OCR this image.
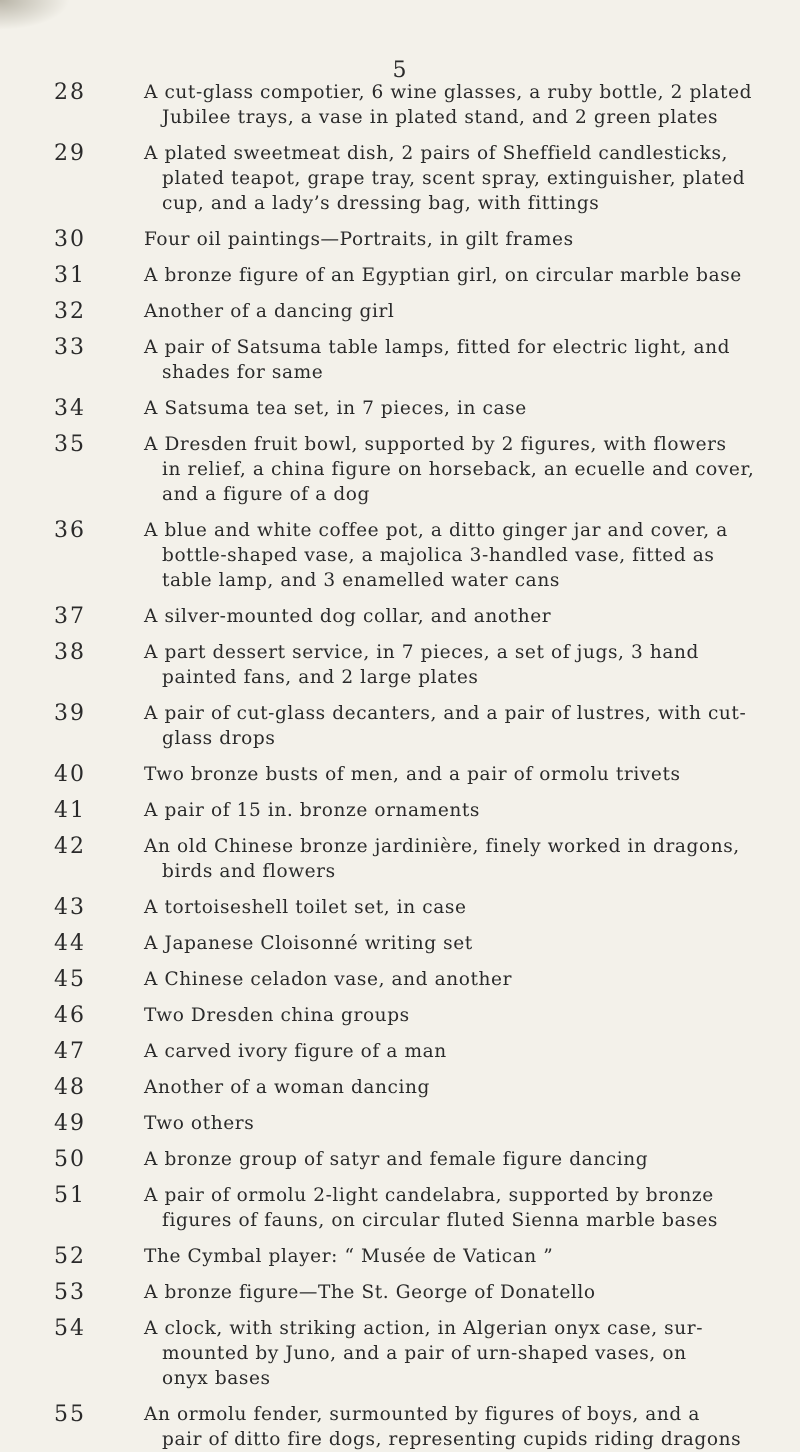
5
28	A cut-glass compotier, 6 wine glasses, a ruby bottle, 2 plated
Jubilee trays, a vase in plated stand, and 2 green plates
29	A plated sweetmeat dish, 2 pairs of Sheffield candlesticks,
plated teapot, grape tray, scent spray, extinguisher, plated
cup, and a lady’s dressing bag, with fittings
30	Four oil paintings—Portraits, in gilt frames
31	A bronze figure of an Egyptian girl, on circular marble base
32	Another of a dancing girl
33	A pair of Satsuma table lamps, fitted for electric light, and
shades for same
34	A Satsuma tea set, in 7 pieces, in case
35	A Dresden fruit bowl, supported by 2 figures, with flowers
in relief, a china figure on horseback, an ecuelle and cover,
and a figure of a dog
36	A blue and white coffee pot, a ditto ginger jar and cover, a
bottle-shaped vase, a majolica 3-handled vase, fitted as
table lamp, and 3 enamelled water cans
37	A silver-mounted dog collar, and another
38	A part dessert service, in 7 pieces, a set of jugs, 3 hand
painted fans, and 2 large plates
39	A pair of cut-glass decanters, and a pair of lustres, with cut-
glass drops
40	Two bronze busts of men, and a pair of ormolu trivets
41	A pair of 15 in. bronze ornaments
42	An old Chinese bronze jardinière, finely worked in dragons,
birds and flowers
43	A tortoiseshell toilet set, in case
44	A Japanese Cloisonné writing set
45	A Chinese celadon vase, and another
46	Two Dresden china groups
47	A carved ivory figure of a man
48	Another of a woman dancing
49	Two others
50	A bronze group of satyr and female figure dancing
51	A pair of ormolu 2-light candelabra, supported by bronze
figures of fauns, on circular fluted Sienna marble bases
52	The Cymbal player: “ Musée de Vatican ”
53	A bronze figure—The St. George of Donatello
54	A clock, with striking action, in Algerian onyx case, sur-
mounted by Juno, and a pair of urn-shaped vases, on
onyx bases
55	An ormolu fender, surmounted by figures of boys, and a
pair of ditto fire dogs, representing cupids riding dragons
